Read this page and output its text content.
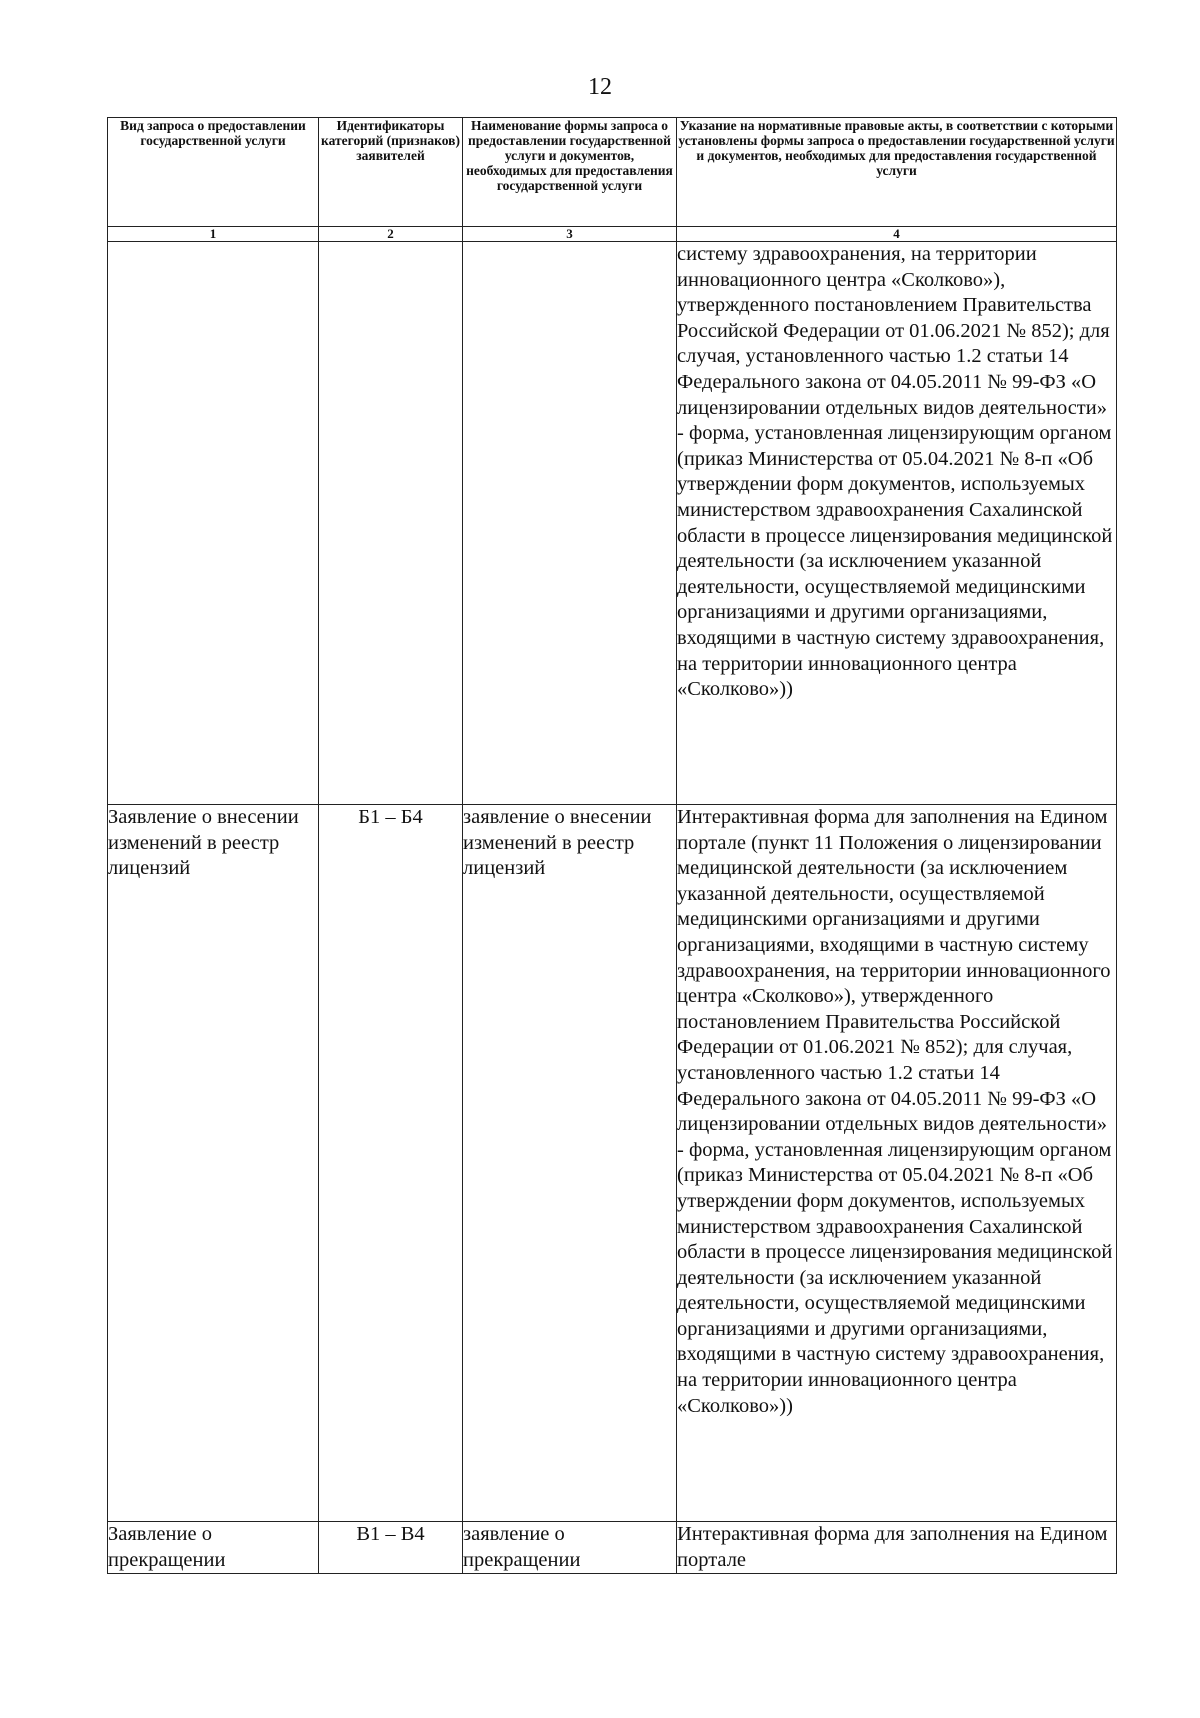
12
Вид запроса о предоставлении государственной услуги	Идентификаторы категорий (признаков) заявителей	Наименование формы запроса о предоставлении государственной услуги и документов, необходимых для предоставления государственной услуги	Указание на нормативные правовые акты, в соответствии с которыми установлены формы запроса о предоставлении государственной услуги и документов, необходимых для предоставления государственной услуги
1	2	3	4
			систему здравоохранения, на территории инновационного центра «Сколково»), утвержденного постановлением Правительства Российской Федерации от 01.06.2021 № 852); для случая, установленного частью 1.2 статьи 14 Федерального закона от 04.05.2011 № 99-ФЗ «О лицензировании отдельных видов деятельности» - форма, установленная лицензирующим органом (приказ Министерства от 05.04.2021 № 8-п «Об утверждении форм документов, используемых министерством здравоохранения Сахалинской области в процессе лицензирования медицинской деятельности (за исключением указанной деятельности, осуществляемой медицинскими организациями и другими организациями, входящими в частную систему здравоохранения, на территории инновационного центра «Сколково»))
Заявление о внесении изменений в реестр лицензий	Б1 – Б4	заявление о внесении изменений в реестр лицензий	Интерактивная форма для заполнения на Едином портале (пункт 11 Положения о лицензировании медицинской деятельности (за исключением указанной деятельности, осуществляемой медицинскими организациями и другими организациями, входящими в частную систему здравоохранения, на территории инновационного центра «Сколково»), утвержденного постановлением Правительства Российской Федерации от 01.06.2021 № 852); для случая, установленного частью 1.2 статьи 14 Федерального закона от 04.05.2011 № 99-ФЗ «О лицензировании отдельных видов деятельности» - форма, установленная лицензирующим органом (приказ Министерства от 05.04.2021 № 8-п «Об утверждении форм документов, используемых министерством здравоохранения Сахалинской области в процессе лицензирования медицинской деятельности (за исключением указанной деятельности, осуществляемой медицинскими организациями и другими организациями, входящими в частную систему здравоохранения, на территории инновационного центра «Сколково»))
Заявление о прекращении	В1 – В4	заявление о прекращении	Интерактивная форма для заполнения на Едином портале
